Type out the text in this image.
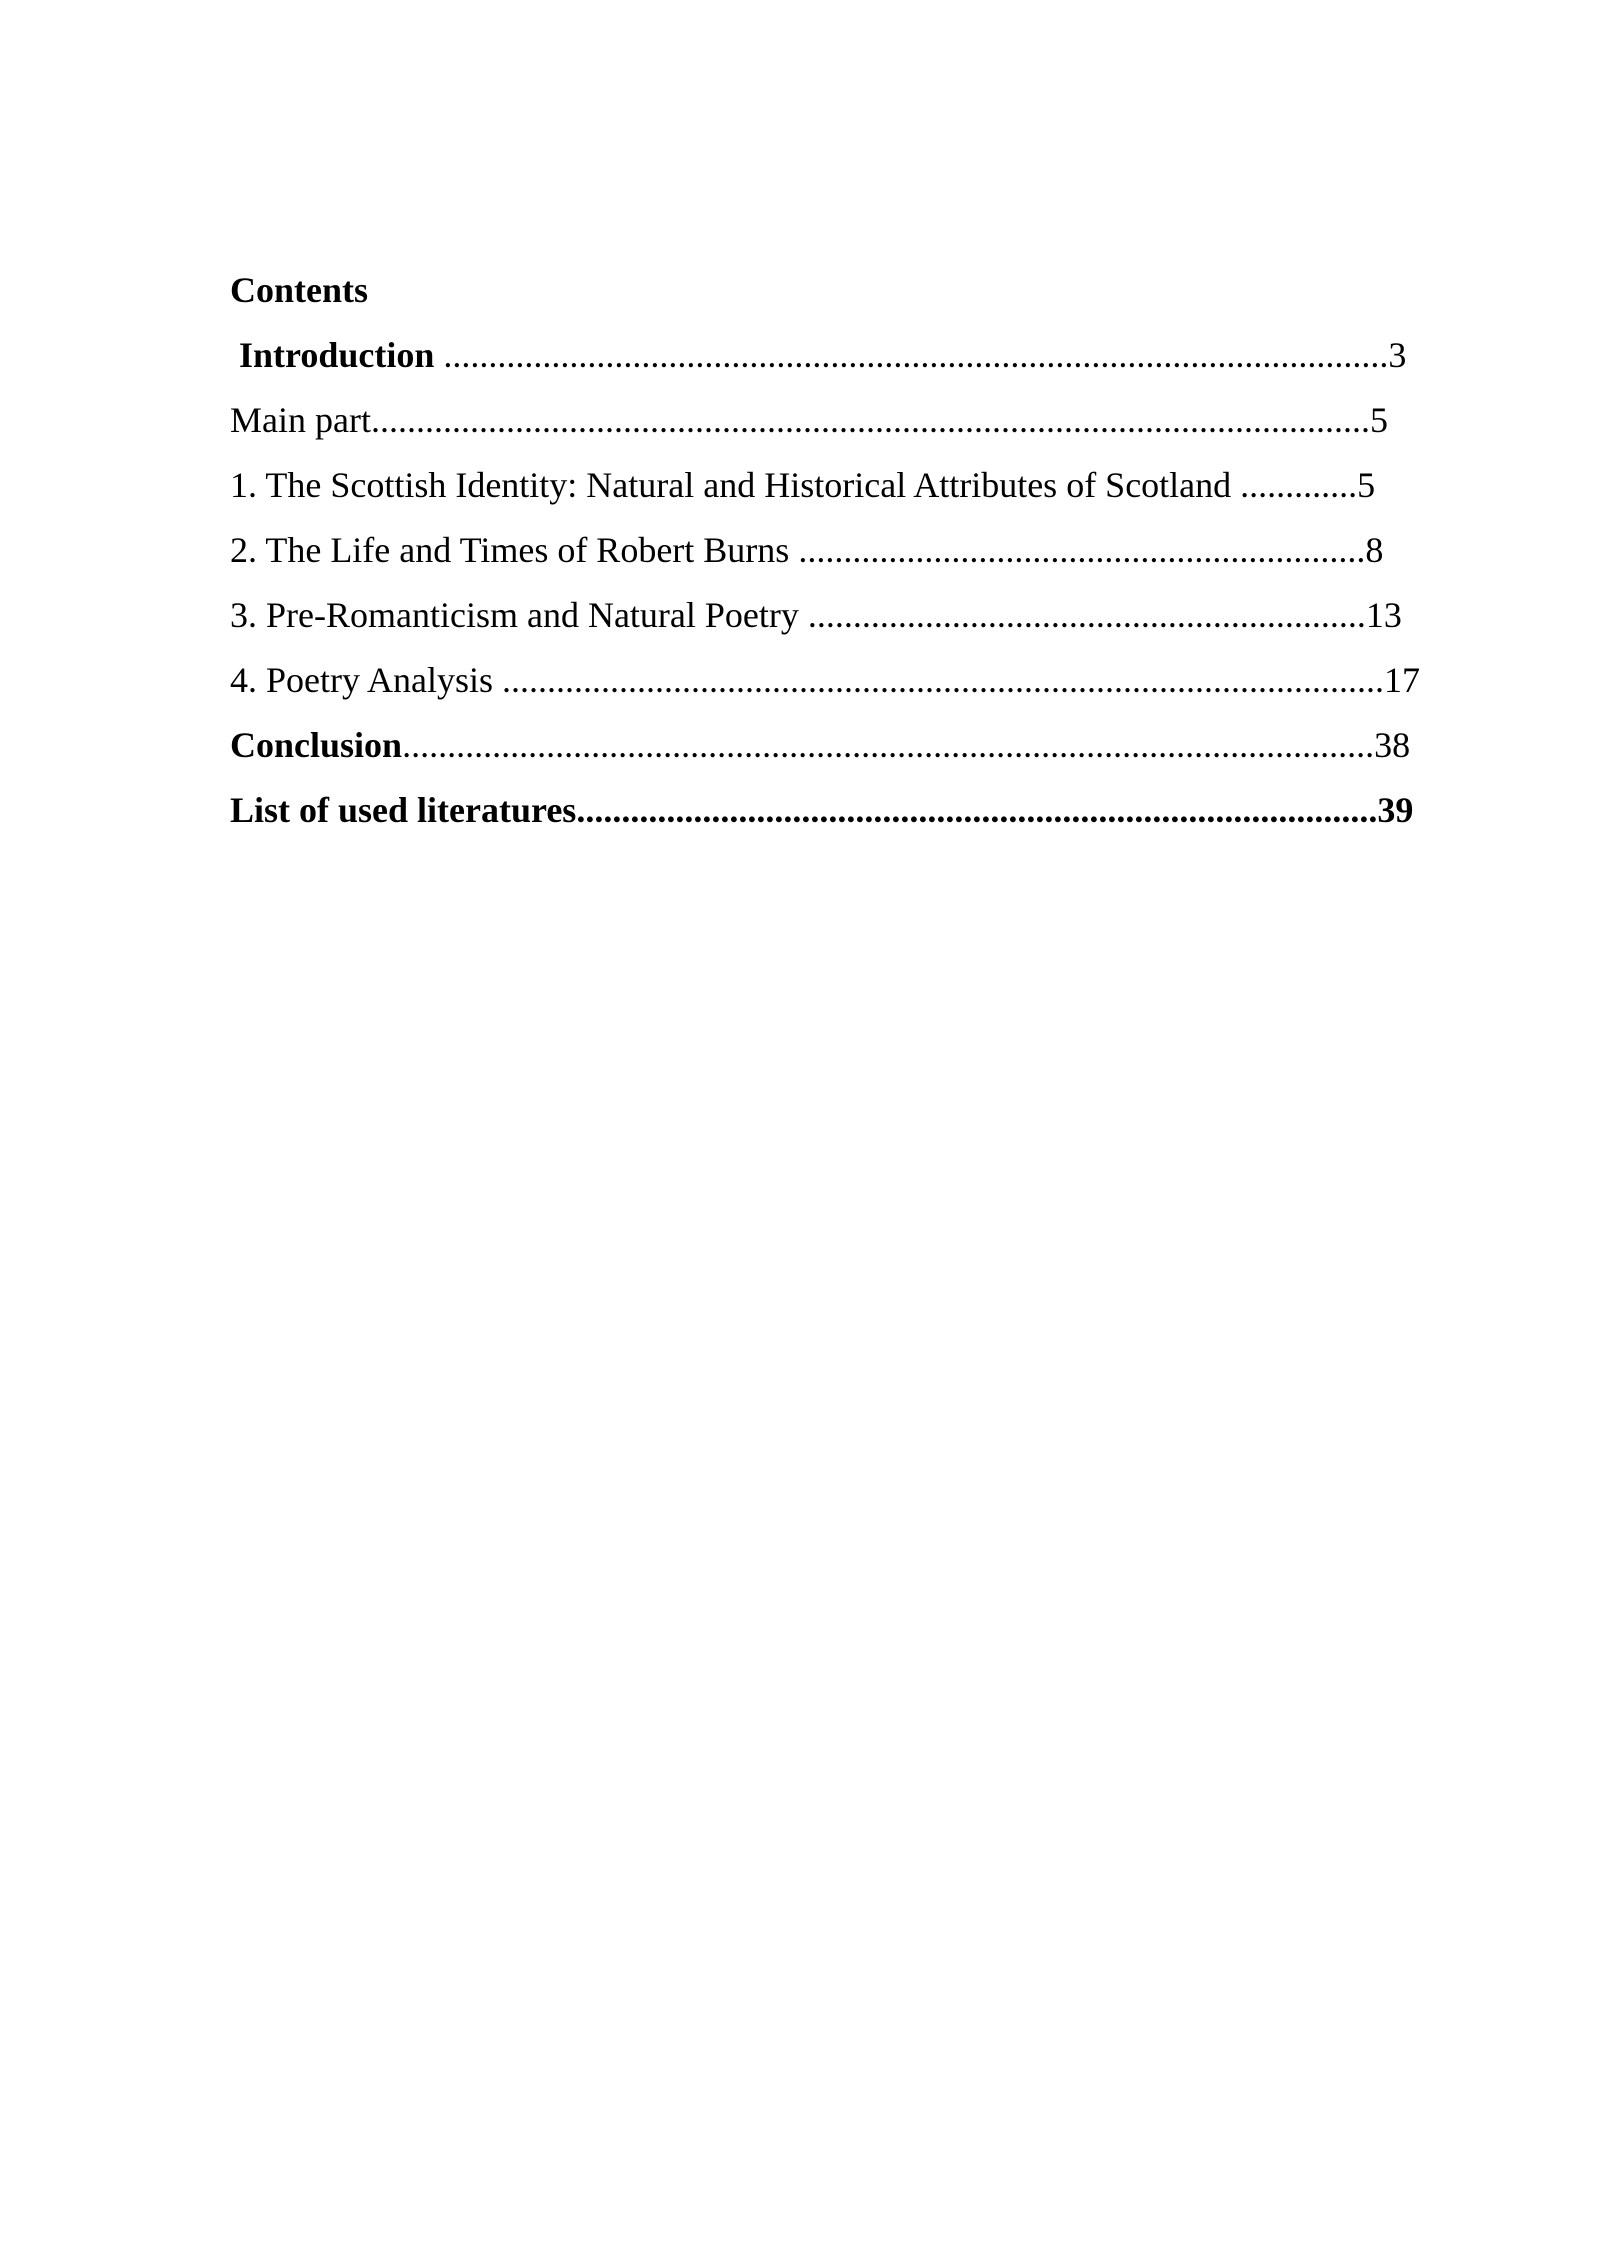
Contents
Introduction .........................................................................................................3
Main part...............................................................................................................5
1. The Scottish Identity: Natural and Historical Attributes of Scotland .............5
2. The Life and Times of Robert Burns ...............................................................8
3. Pre-Romanticism and Natural Poetry ..............................................................13
4. Poetry Analysis ..................................................................................................17
Conclusion............................................................................................................38
List of used literatures.........................................................................................39
